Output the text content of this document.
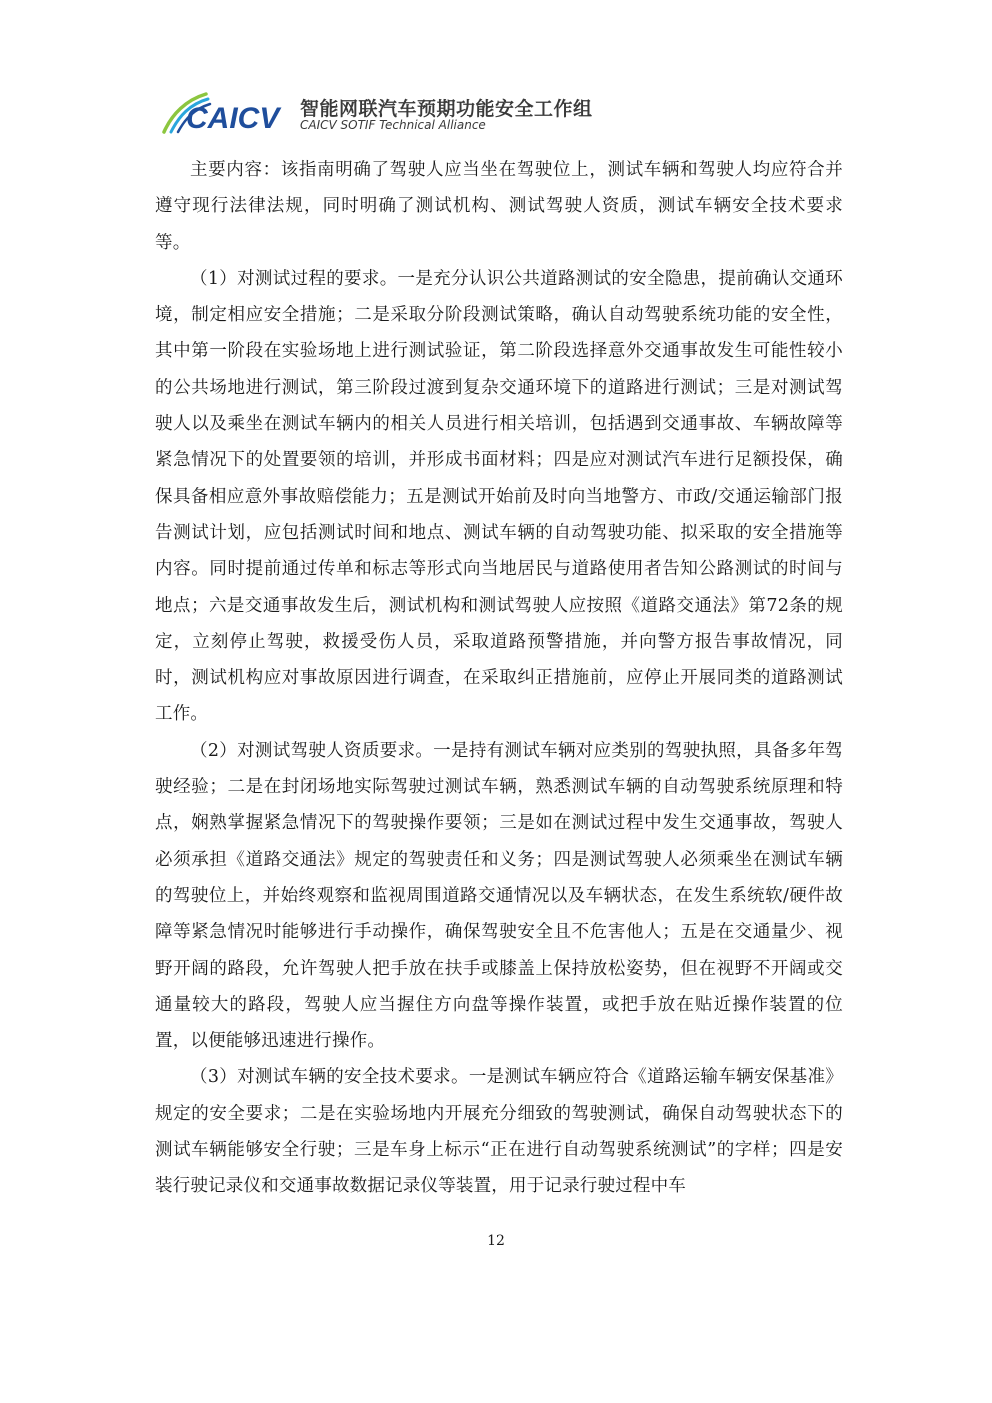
CAICV 智能网联汽车预期功能安全工作组
CAICV SOTIF Technical Alliance

主要内容：该指南明确了驾驶人应当坐在驾驶位上，测试车辆和驾驶人均应符合并遵守现行法律法规，同时明确了测试机构、测试驾驶人资质，测试车辆安全技术要求等。

（1）对测试过程的要求。一是充分认识公共道路测试的安全隐患，提前确认交通环境，制定相应安全措施；二是采取分阶段测试策略，确认自动驾驶系统功能的安全性，其中第一阶段在实验场地上进行测试验证，第二阶段选择意外交通事故发生可能性较小的公共场地进行测试，第三阶段过渡到复杂交通环境下的道路进行测试；三是对测试驾驶人以及乘坐在测试车辆内的相关人员进行相关培训，包括遇到交通事故、车辆故障等紧急情况下的处置要领的培训，并形成书面材料；四是应对测试汽车进行足额投保，确保具备相应意外事故赔偿能力；五是测试开始前及时向当地警方、市政/交通运输部门报告测试计划，应包括测试时间和地点、测试车辆的自动驾驶功能、拟采取的安全措施等内容。同时提前通过传单和标志等形式向当地居民与道路使用者告知公路测试的时间与地点；六是交通事故发生后，测试机构和测试驾驶人应按照《道路交通法》第72条的规定，立刻停止驾驶，救援受伤人员，采取道路预警措施，并向警方报告事故情况，同时，测试机构应对事故原因进行调查，在采取纠正措施前，应停止开展同类的道路测试工作。

（2）对测试驾驶人资质要求。一是持有测试车辆对应类别的驾驶执照，具备多年驾驶经验；二是在封闭场地实际驾驶过测试车辆，熟悉测试车辆的自动驾驶系统原理和特点，娴熟掌握紧急情况下的驾驶操作要领；三是如在测试过程中发生交通事故，驾驶人必须承担《道路交通法》规定的驾驶责任和义务；四是测试驾驶人必须乘坐在测试车辆的驾驶位上，并始终观察和监视周围道路交通情况以及车辆状态，在发生系统软/硬件故障等紧急情况时能够进行手动操作，确保驾驶安全且不危害他人；五是在交通量少、视野开阔的路段，允许驾驶人把手放在扶手或膝盖上保持放松姿势，但在视野不开阔或交通量较大的路段，驾驶人应当握住方向盘等操作装置，或把手放在贴近操作装置的位置，以便能够迅速进行操作。

（3）对测试车辆的安全技术要求。一是测试车辆应符合《道路运输车辆安保基准》规定的安全要求；二是在实验场地内开展充分细致的驾驶测试，确保自动驾驶状态下的测试车辆能够安全行驶；三是车身上标示“正在进行自动驾驶系统测试”的字样；四是安装行驶记录仪和交通事故数据记录仪等装置，用于记录行驶过程中车

12
